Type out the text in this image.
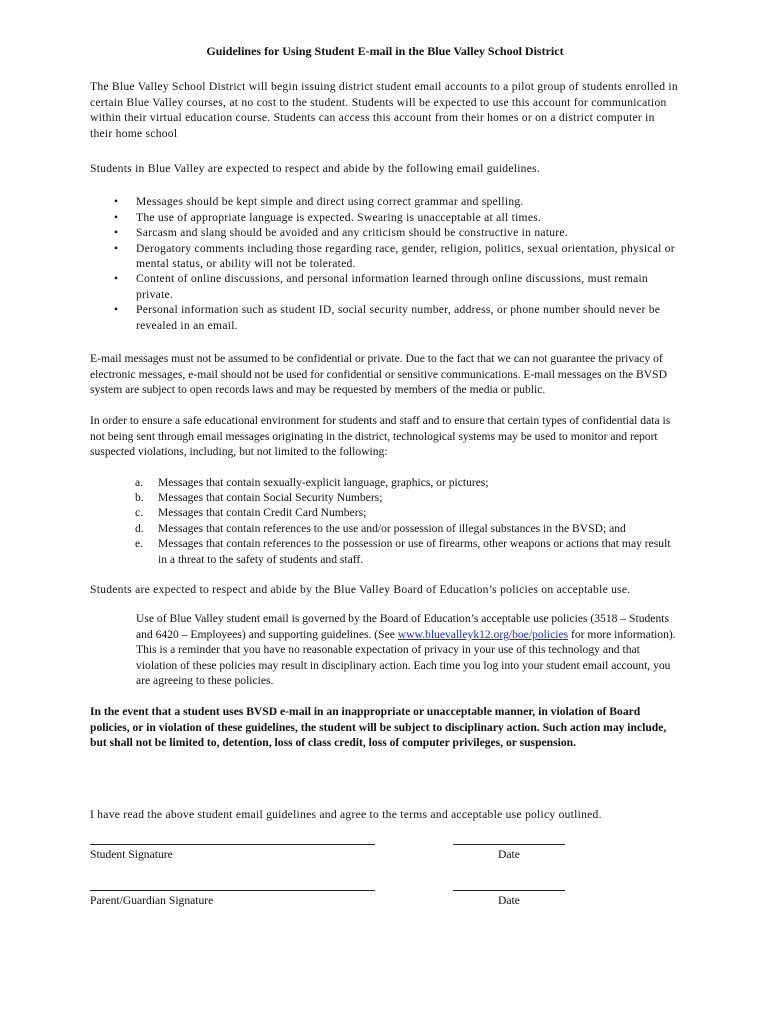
Guidelines for Using Student E-mail in the Blue Valley School District

The Blue Valley School District will begin issuing district student email accounts to a pilot group of students enrolled in certain Blue Valley courses, at no cost to the student. Students will be expected to use this account for communication within their virtual education course. Students can access this account from their homes or on a district computer in their home school

Students in Blue Valley are expected to respect and abide by the following email guidelines.

• Messages should be kept simple and direct using correct grammar and spelling.
• The use of appropriate language is expected. Swearing is unacceptable at all times.
• Sarcasm and slang should be avoided and any criticism should be constructive in nature.
• Derogatory comments including those regarding race, gender, religion, politics, sexual orientation, physical or mental status, or ability will not be tolerated.
• Content of online discussions, and personal information learned through online discussions, must remain private.
• Personal information such as student ID, social security number, address, or phone number should never be revealed in an email.

E-mail messages must not be assumed to be confidential or private. Due to the fact that we can not guarantee the privacy of electronic messages, e-mail should not be used for confidential or sensitive communications. E-mail messages on the BVSD system are subject to open records laws and may be requested by members of the media or public.

In order to ensure a safe educational environment for students and staff and to ensure that certain types of confidential data is not being sent through email messages originating in the district, technological systems may be used to monitor and report suspected violations, including, but not limited to the following:

a. Messages that contain sexually-explicit language, graphics, or pictures;
b. Messages that contain Social Security Numbers;
c. Messages that contain Credit Card Numbers;
d. Messages that contain references to the use and/or possession of illegal substances in the BVSD; and
e. Messages that contain references to the possession or use of firearms, other weapons or actions that may result in a threat to the safety of students and staff.

Students are expected to respect and abide by the Blue Valley Board of Education’s policies on acceptable use.

Use of Blue Valley student email is governed by the Board of Education’s acceptable use policies (3518 – Students and 6420 – Employees) and supporting guidelines. (See www.bluevalleyk12.org/boe/policies for more information). This is a reminder that you have no reasonable expectation of privacy in your use of this technology and that violation of these policies may result in disciplinary action. Each time you log into your student email account, you are agreeing to these policies.

In the event that a student uses BVSD e-mail in an inappropriate or unacceptable manner, in violation of Board policies, or in violation of these guidelines, the student will be subject to disciplinary action. Such action may include, but shall not be limited to, detention, loss of class credit, loss of computer privileges, or suspension.

I have read the above student email guidelines and agree to the terms and acceptable use policy outlined.

Student Signature	Date
Parent/Guardian Signature	Date
